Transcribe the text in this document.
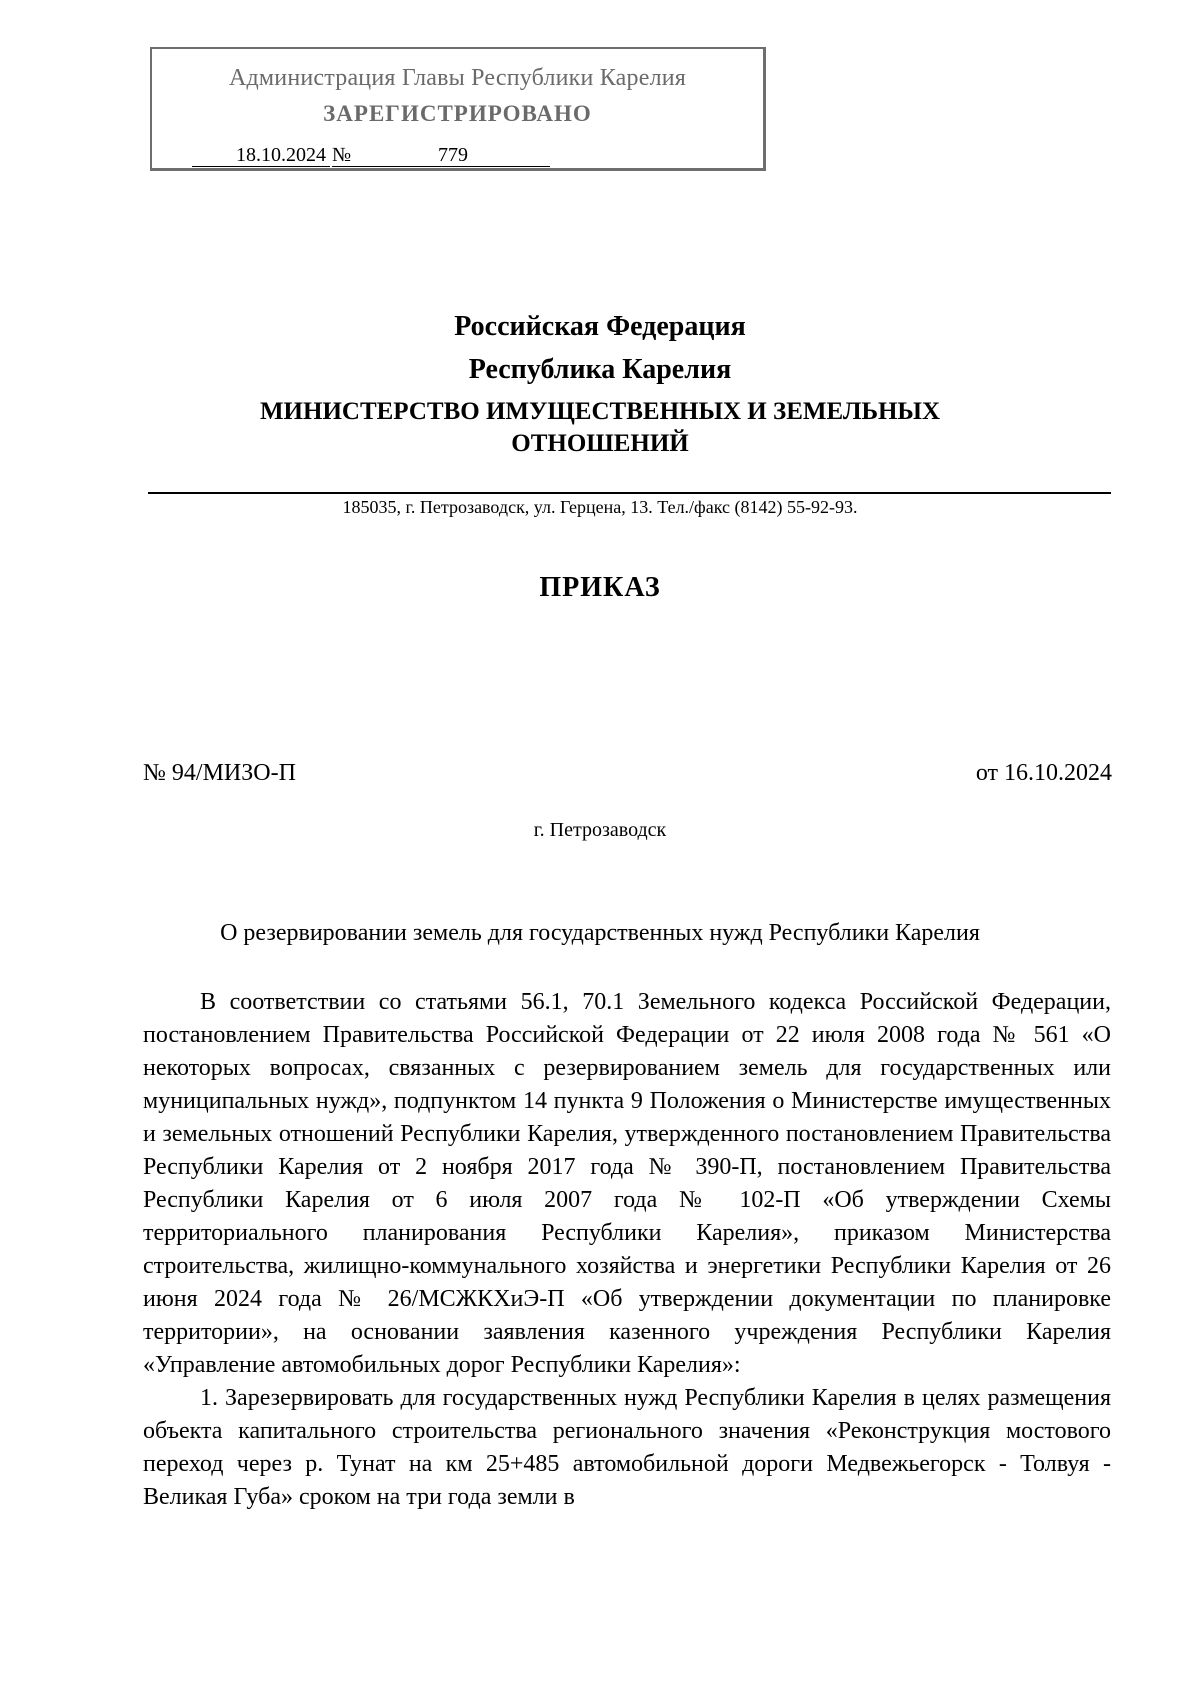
Администрация Главы Республики Карелия
ЗАРЕГИСТРИРОВАНО
18.10.2024 №	779
Российская Федерация
Республика Карелия
МИНИСТЕРСТВО ИМУЩЕСТВЕННЫХ И ЗЕМЕЛЬНЫХ
ОТНОШЕНИЙ
185035, г. Петрозаводск, ул. Герцена, 13. Тел./факс (8142) 55-92-93.
ПРИКАЗ
№ 94/МИЗО-П	от 16.10.2024
г. Петрозаводск
О резервировании земель для государственных нужд Республики Карелия

В соответствии со статьями 56.1, 70.1 Земельного кодекса Российской Федерации, постановлением Правительства Российской Федерации от 22 июля 2008 года № 561 «О некоторых вопросах, связанных с резервированием земель для государственных или муниципальных нужд», подпунктом 14 пункта 9 Положения о Министерстве имущественных и земельных отношений Республики Карелия, утвержденного постановлением Правительства Республики Карелия от 2 ноября 2017 года № 390-П, постановлением Правительства Республики Карелия от 6 июля 2007 года № 102-П «Об утверждении Схемы территориального планирования Республики Карелия», приказом Министерства строительства, жилищно-коммунального хозяйства и энергетики Республики Карелия от 26 июня 2024 года № 26/МСЖКХиЭ-П «Об утверждении документации по планировке территории», на основании заявления казенного учреждения Республики Карелия «Управление автомобильных дорог Республики Карелия»:

1. Зарезервировать для государственных нужд Республики Карелия в целях размещения объекта капитального строительства регионального значения «Реконструкция мостового переход через р. Тунат на км 25+485 автомобильной дороги Медвежьегорск - Толвуя - Великая Губа» сроком на три года земли в
